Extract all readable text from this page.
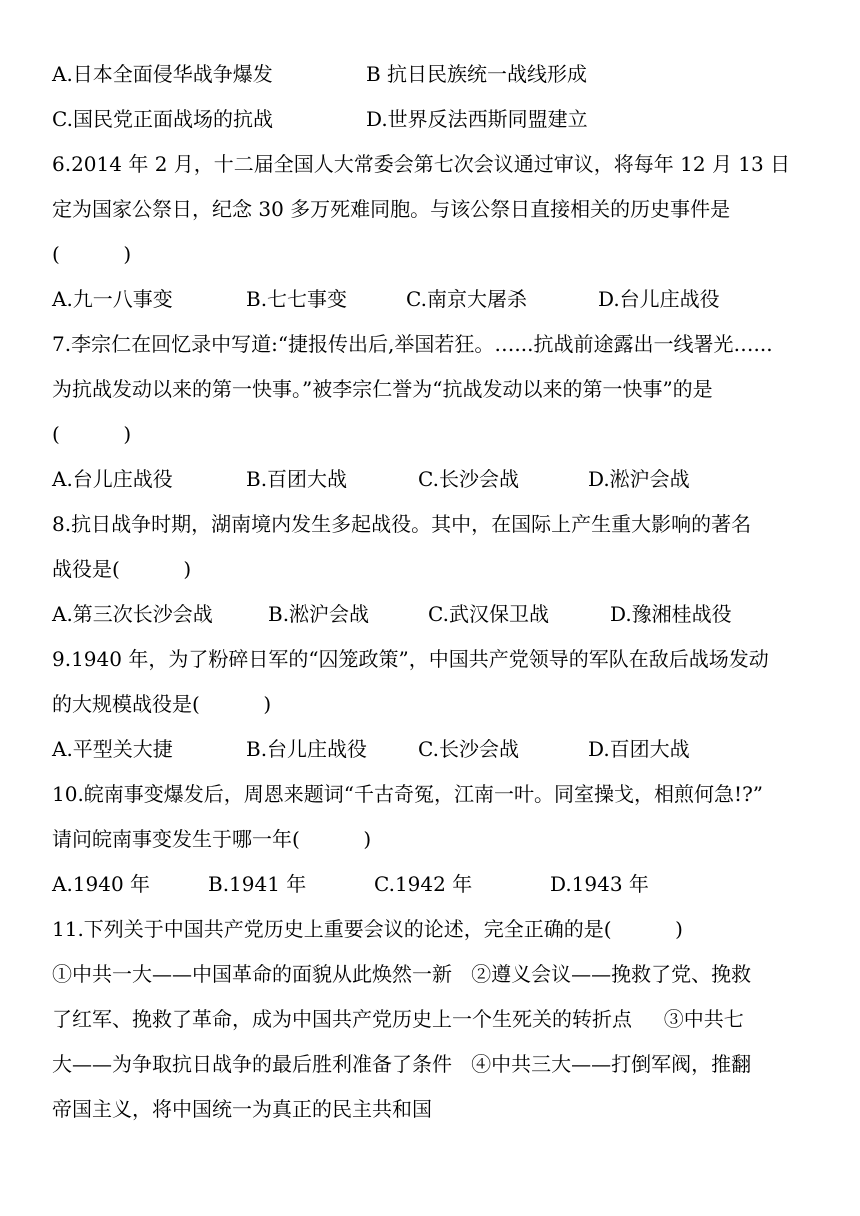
A.日本全面侵华战争爆发

	B 抗日民族统一战线形成

C.国民党正面战场的抗战

	D.世界反法西斯同盟建立

6.2014 年 2 月，十二届全国人大常委会第七次会议通过审议，将每年 12 月 13 日
定为国家公祭日，纪念 30 多万死难同胞。与该公祭日直接相关的历史事件是
(          )

A.九一八事变

	B.七七事变

	C.南京大屠杀

	D.台儿庄战役

7.李宗仁在回忆录中写道:“捷报传出后,举国若狂。…...抗战前途露出一线署光…...
为抗战发动以来的第一快事。”被李宗仁誉为“抗战发动以来的第一快事”的是
(          )

A.台儿庄战役

	B.百团大战

	C.长沙会战

	D.淞沪会战

8.抗日战争时期，湖南境内发生多起战役。其中，在国际上产生重大影响的著名
战役是(          )

A.第三次长沙会战

	B.淞沪会战

	C.武汉保卫战

	D.豫湘桂战役

9.1940 年，为了粉碎日军的“囚笼政策”，中国共产党领导的军队在敌后战场发动
的大规模战役是(          )

A.平型关大捷

	B.台儿庄战役

	C.长沙会战

	D.百团大战

10.皖南事变爆发后，周恩来题词“千古奇冤，江南一叶。同室操戈，相煎何急!?”
请问皖南事变发生于哪一年(          )

A.1940 年

	B.1941 年

	C.1942 年

	D.1943 年

11.下列关于中国共产党历史上重要会议的论述，完全正确的是(          )
①中共一大——中国革命的面貌从此焕然一新   ②遵义会议——挽救了党、挽救
了红军、挽救了革命，成为中国共产党历史上一个生死关的转折点     ③中共七
大——为争取抗日战争的最后胜利准备了条件   ④中共三大——打倒军阀，推翻
帝国主义，将中国统一为真正的民主共和国
